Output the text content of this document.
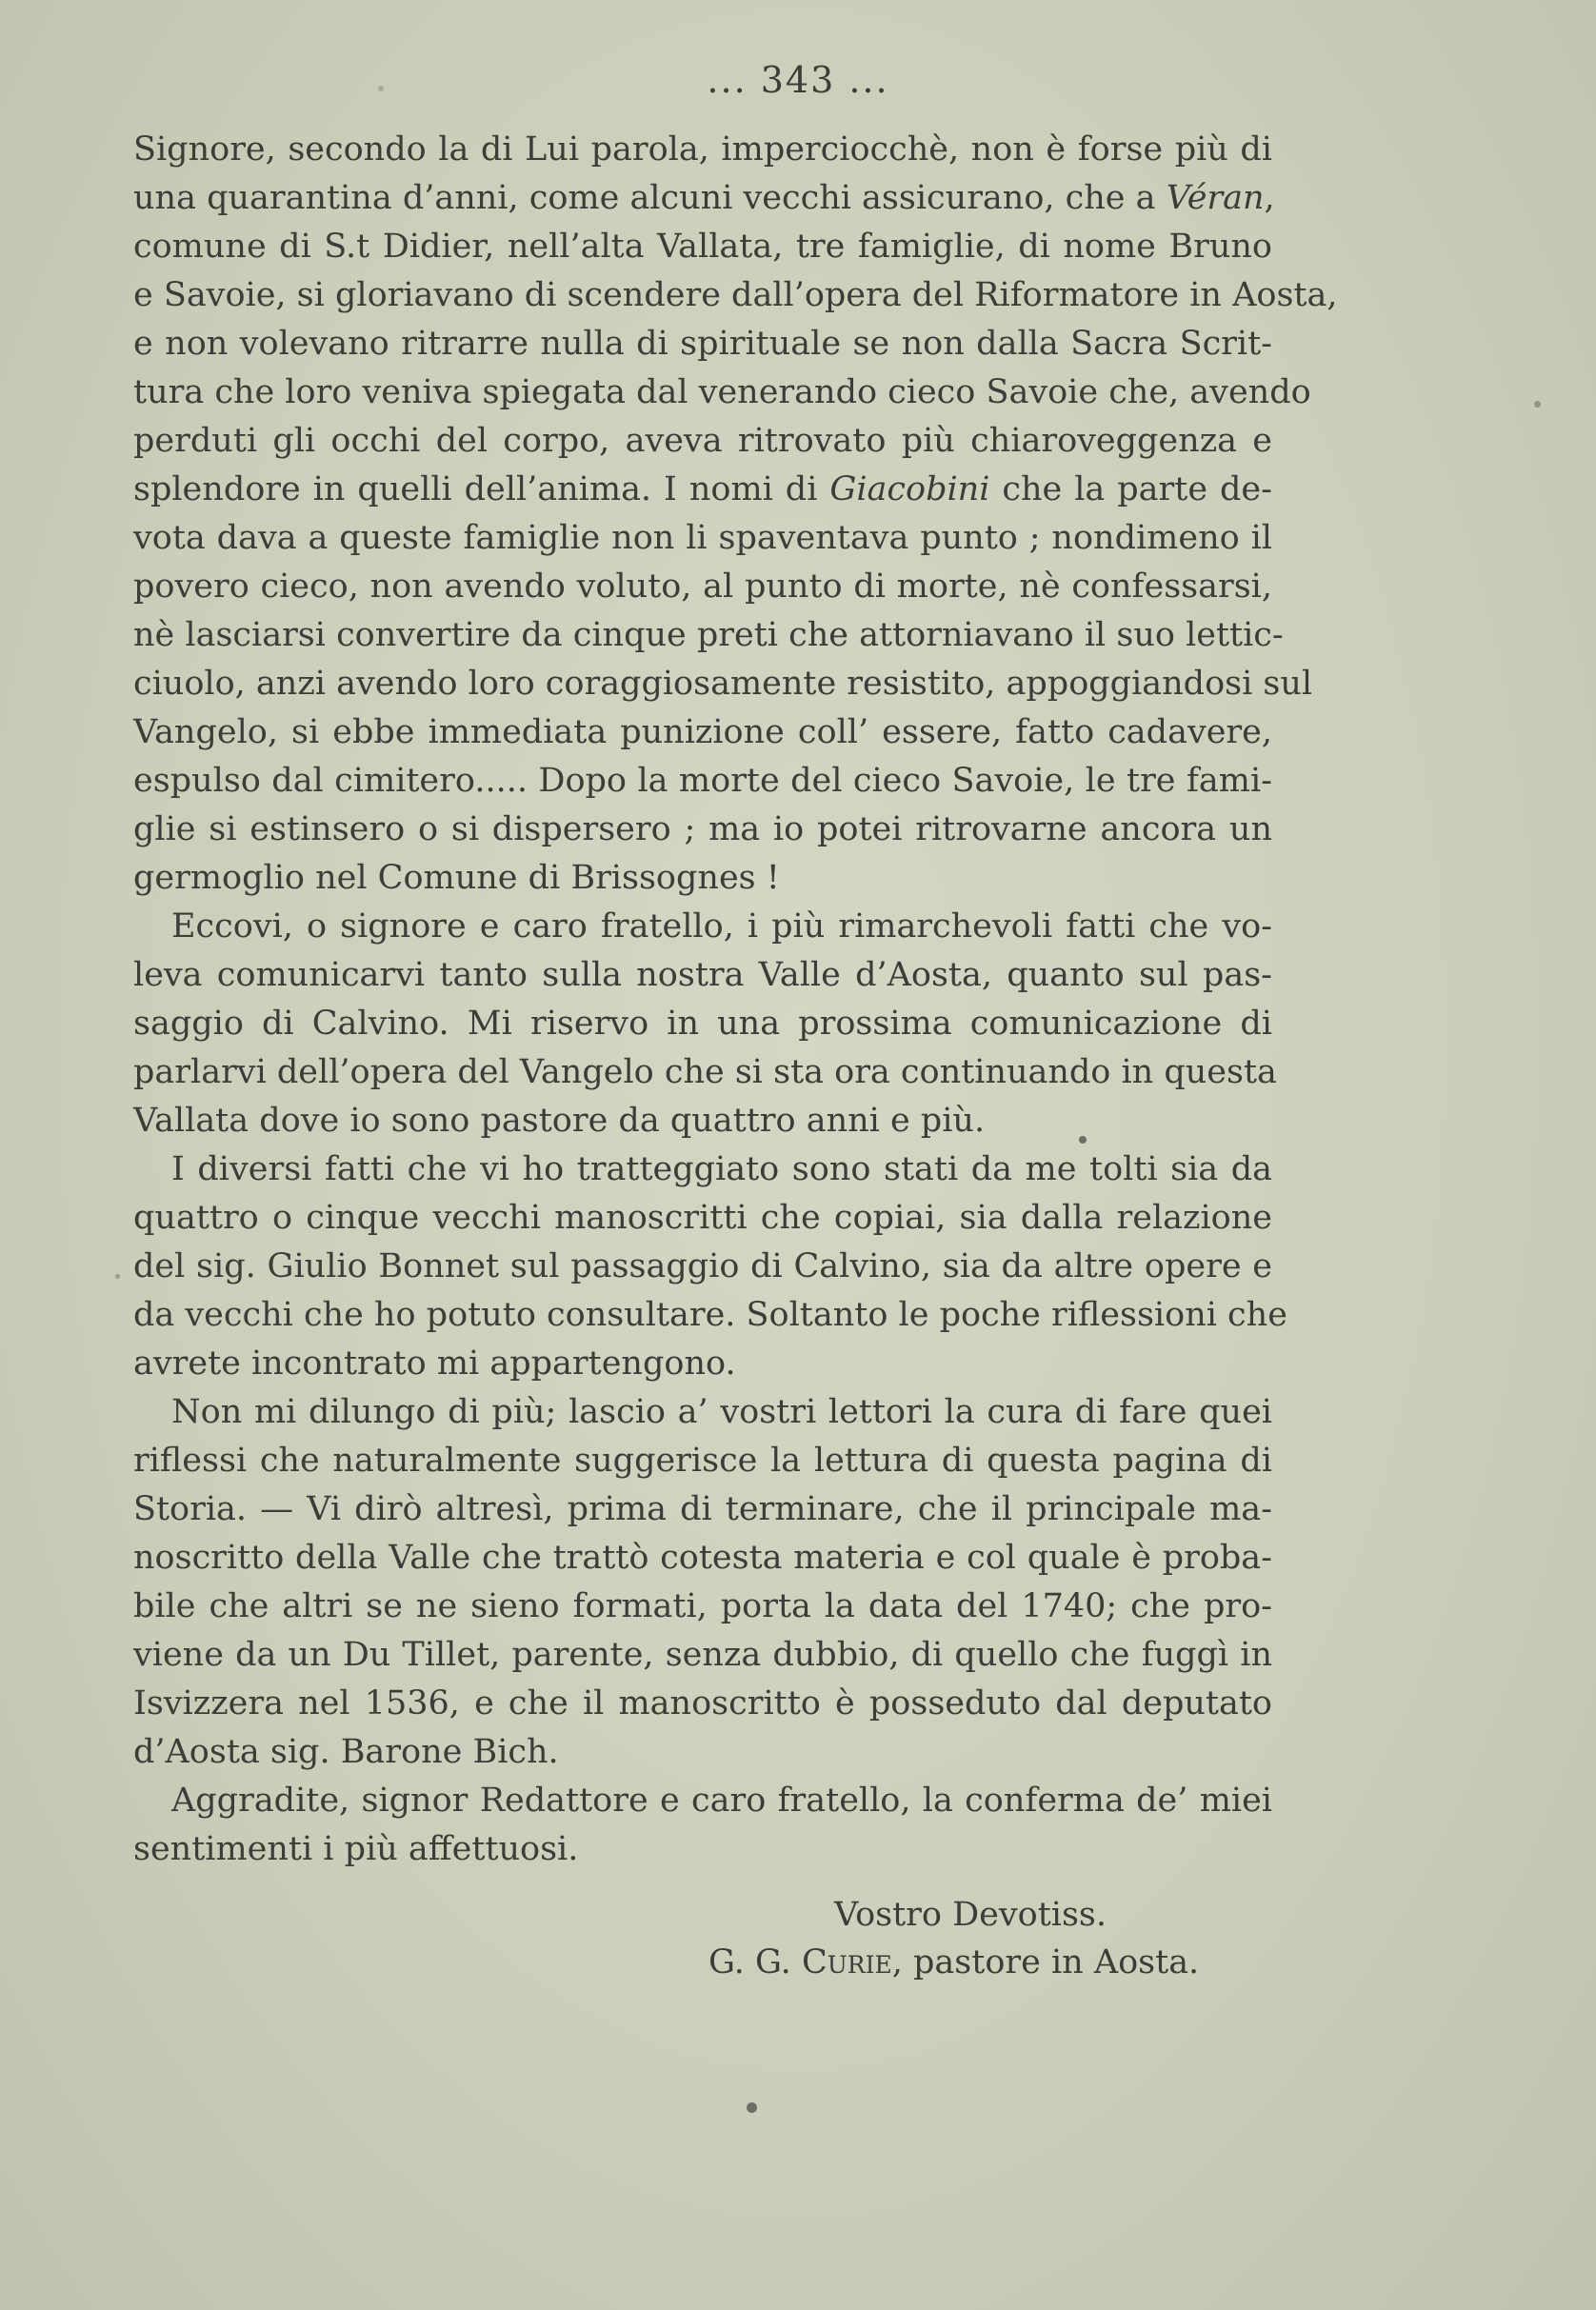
... 343 ...
Signore, secondo la di Lui parola, imperciocchè, non è forse più di
una quarantina d’anni, come alcuni vecchi assicurano, che a Véran,
comune di S.t Didier, nell’alta Vallata, tre famiglie, di nome Bruno
e Savoie, si gloriavano di scendere dall’opera del Riformatore in Aosta,
e non volevano ritrarre nulla di spirituale se non dalla Sacra Scrit-
tura che loro veniva spiegata dal venerando cieco Savoie che, avendo
perduti gli occhi del corpo, aveva ritrovato più chiaroveggenza e
splendore in quelli dell’anima. I nomi di Giacobini che la parte de-
vota dava a queste famiglie non li spaventava punto ; nondimeno il
povero cieco, non avendo voluto, al punto di morte, nè confessarsi,
nè lasciarsi convertire da cinque preti che attorniavano il suo lettic-
ciuolo, anzi avendo loro coraggiosamente resistito, appoggiandosi sul
Vangelo, si ebbe immediata punizione coll’ essere, fatto cadavere,
espulso dal cimitero..... Dopo la morte del cieco Savoie, le tre fami-
glie si estinsero o si dispersero ; ma io potei ritrovarne ancora un
germoglio nel Comune di Brissognes !
Eccovi, o signore e caro fratello, i più rimarchevoli fatti che vo-
leva comunicarvi tanto sulla nostra Valle d’Aosta, quanto sul pas-
saggio di Calvino. Mi riservo in una prossima comunicazione di
parlarvi dell’opera del Vangelo che si sta ora continuando in questa
Vallata dove io sono pastore da quattro anni e più.
I diversi fatti che vi ho tratteggiato sono stati da me tolti sia da
quattro o cinque vecchi manoscritti che copiai, sia dalla relazione
del sig. Giulio Bonnet sul passaggio di Calvino, sia da altre opere e
da vecchi che ho potuto consultare. Soltanto le poche riflessioni che
avrete incontrato mi appartengono.
Non mi dilungo di più; lascio a’ vostri lettori la cura di fare quei
riflessi che naturalmente suggerisce la lettura di questa pagina di
Storia. — Vi dirò altresì, prima di terminare, che il principale ma-
noscritto della Valle che trattò cotesta materia e col quale è proba-
bile che altri se ne sieno formati, porta la data del 1740; che pro-
viene da un Du Tillet, parente, senza dubbio, di quello che fuggì in
Isvizzera nel 1536, e che il manoscritto è posseduto dal deputato
d’Aosta sig. Barone Bich.
Aggradite, signor Redattore e caro fratello, la conferma de’ miei
sentimenti i più affettuosi.
Vostro Devotiss.
G. G. Curie, pastore in Aosta.
